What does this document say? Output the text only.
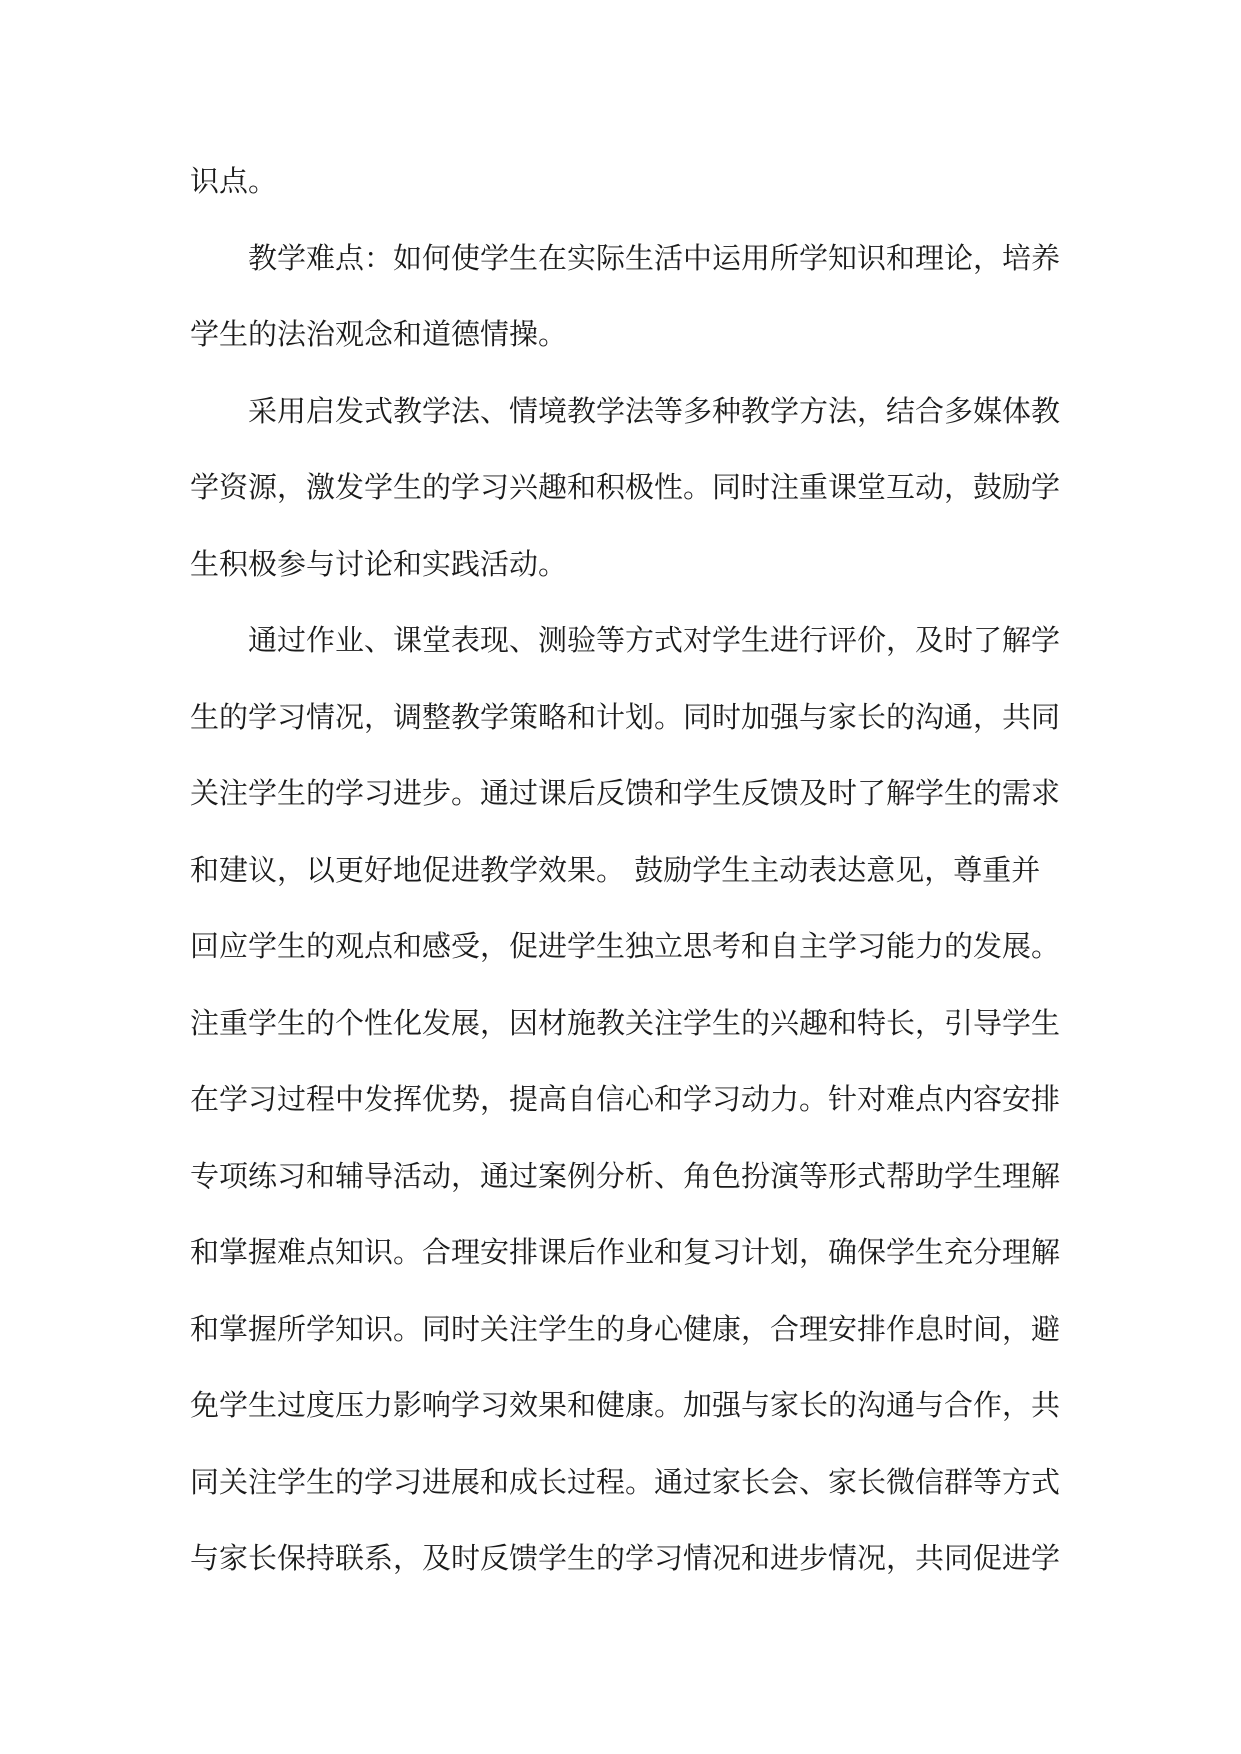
识点。
教学难点：如何使学生在实际生活中运用所学知识和理论，培养
学生的法治观念和道德情操。
采用启发式教学法、情境教学法等多种教学方法，结合多媒体教
学资源，激发学生的学习兴趣和积极性。同时注重课堂互动，鼓励学
生积极参与讨论和实践活动。
通过作业、课堂表现、测验等方式对学生进行评价，及时了解学
生的学习情况，调整教学策略和计划。同时加强与家长的沟通，共同
关注学生的学习进步。通过课后反馈和学生反馈及时了解学生的需求
和建议，以更好地促进教学效果。 鼓励学生主动表达意见，尊重并
回应学生的观点和感受，促进学生独立思考和自主学习能力的发展。
注重学生的个性化发展，因材施教关注学生的兴趣和特长，引导学生
在学习过程中发挥优势，提高自信心和学习动力。针对难点内容安排
专项练习和辅导活动，通过案例分析、角色扮演等形式帮助学生理解
和掌握难点知识。合理安排课后作业和复习计划，确保学生充分理解
和掌握所学知识。同时关注学生的身心健康，合理安排作息时间，避
免学生过度压力影响学习效果和健康。加强与家长的沟通与合作，共
同关注学生的学习进展和成长过程。通过家长会、家长微信群等方式
与家长保持联系，及时反馈学生的学习情况和进步情况，共同促进学
